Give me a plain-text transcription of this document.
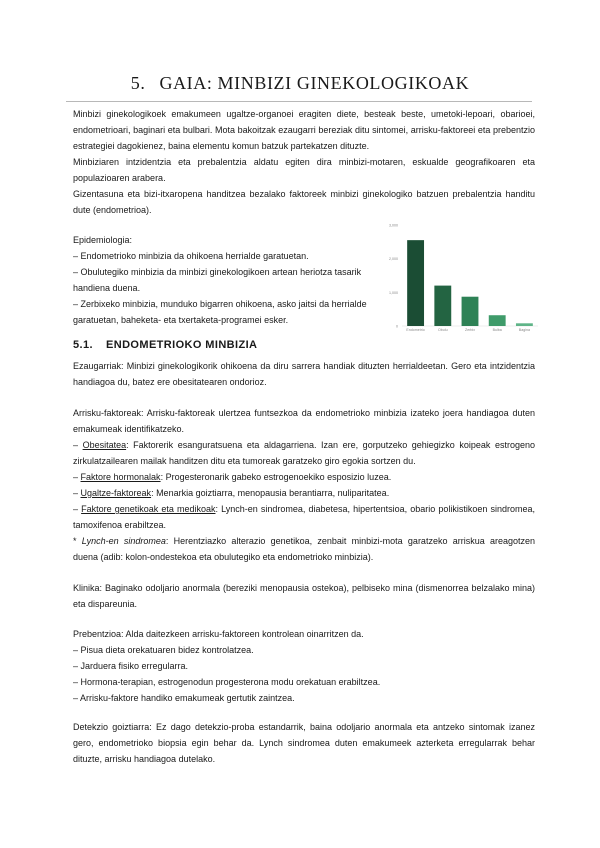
5. GAIA: MINBIZI GINEKOLOGIKOAK

Minbizi ginekologikoek emakumeen ugaltze-organoei eragiten diete, besteak beste, umetoki-lepoari, obarioei, endometrioari, baginari eta bulbari. Mota bakoitzak ezaugarri bereziak ditu sintomei, arrisku-faktoreei eta prebentzio estrategiei dagokienez, baina elementu komun batzuk partekatzen dituzte.

Minbiziaren intzidentzia eta prebalentzia aldatu egiten dira minbizi-motaren, eskualde geografikoaren eta populazioaren arabera.

Gizentasuna eta bizi-itxaropena handitzea bezalako faktoreek minbizi ginekologiko batzuen prebalentzia handitu dute (endometrioa).

Epidemiologia:

– Endometrioko minbizia da ohikoena herrialde garatuetan.

– Obulutegiko minbizia da minbizi ginekologikoen artean heriotza tasarik handiena duena.

– Zerbixeko minbizia, munduko bigarren ohikoena, asko jaitsi da herrialde garatuetan, baheketa- eta txertaketa-programei esker.

3,000
2,000
1,000
0
Endometrio	Obulu	Zerbix	Bulba	Bagina
5.1. ENDOMETRIOKO MINBIZIA

Ezaugarriak: Minbizi ginekologikorik ohikoena da diru sarrera handiak dituzten herrialdeetan. Gero eta intzidentzia handiagoa du, batez ere obesitatearen ondorioz.

Arrisku-faktoreak: Arrisku-faktoreak ulertzea funtsezkoa da endometrioko minbizia izateko joera handiagoa duten emakumeak identifikatzeko.

– Obesitatea: Faktorerik esanguratsuena eta aldagarriena. Izan ere, gorputzeko gehiegizko koipeak estrogeno zirkulatzailearen mailak handitzen ditu eta tumoreak garatzeko giro egokia sortzen du.

– Faktore hormonalak: Progesteronarik gabeko estrogenoekiko esposizio luzea.

– Ugaltze-faktoreak: Menarkia goiztiarra, menopausia berantiarra, nuliparitatea.

– Faktore genetikoak eta medikoak: Lynch-en sindromea, diabetesa, hipertentsioa, obario polikistikoen sindromea, tamoxifenoa erabiltzea.

* Lynch-en sindromea: Herentziazko alterazio genetikoa, zenbait minbizi-mota garatzeko arriskua areagotzen duena (adib: kolon-ondestekoa eta obulutegiko eta endometrioko minbizia).

Klinika: Baginako odoljario anormala (bereziki menopausia ostekoa), pelbiseko mina (dismenorrea belzalako mina) eta dispareunia.

Prebentzioa: Alda daitezkeen arrisku-faktoreen kontrolean oinarritzen da.

– Pisua dieta orekatuaren bidez kontrolatzea.

– Jarduera fisiko erregularra.

– Hormona-terapian, estrogenodun progesterona modu orekatuan erabiltzea.

– Arrisku-faktore handiko emakumeak gertutik zaintzea.

Detekzio goiztiarra: Ez dago detekzio-proba estandarrik, baina odoljario anormala eta antzeko sintomak izanez gero, endometrioko biopsia egin behar da. Lynch sindromea duten emakumeek azterketa erregularrak behar dituzte, arrisku handiagoa dutelako.
